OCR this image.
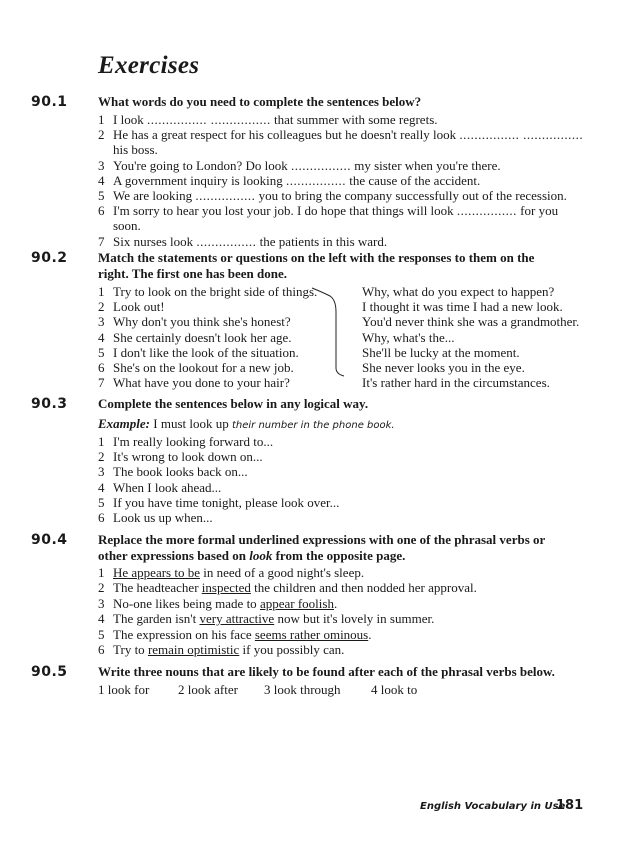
Exercises
90.1 What words do you need to complete the sentences below?
1 I look ................ ................ that summer with some regrets.
2 He has a great respect for his colleagues but he doesn't really look ................ ................
his boss.
3 You're going to London? Do look ................ my sister when you're there.
4 A government inquiry is looking ................ the cause of the accident.
5 We are looking ................ you to bring the company successfully out of the recession.
6 I'm sorry to hear you lost your job. I do hope that things will look ................ for you
soon.
7 Six nurses look ................ the patients in this ward.
90.2 Match the statements or questions on the left with the responses to them on the right. The first one has been done.
1 Try to look on the bright side of things.	Why, what do you expect to happen?
2 Look out!	I thought it was time I had a new look.
3 Why don't you think she's honest?	You'd never think she was a grandmother.
4 She certainly doesn't look her age.	Why, what's the...
5 I don't like the look of the situation.	She'll be lucky at the moment.
6 She's on the lookout for a new job.	She never looks you in the eye.
7 What have you done to your hair?	It's rather hard in the circumstances.
90.3 Complete the sentences below in any logical way.
Example: I must look up their number in the phone book.
1 I'm really looking forward to...
2 It's wrong to look down on...
3 The book looks back on...
4 When I look ahead...
5 If you have time tonight, please look over...
6 Look us up when...
90.4 Replace the more formal underlined expressions with one of the phrasal verbs or other expressions based on look from the opposite page.
1 He appears to be in need of a good night's sleep.
2 The headteacher inspected the children and then nodded her approval.
3 No-one likes being made to appear foolish.
4 The garden isn't very attractive now but it's lovely in summer.
5 The expression on his face seems rather ominous.
6 Try to remain optimistic if you possibly can.
90.5 Write three nouns that are likely to be found after each of the phrasal verbs below.
1 look for 2 look after 3 look through 4 look to
English Vocabulary in Use
181
